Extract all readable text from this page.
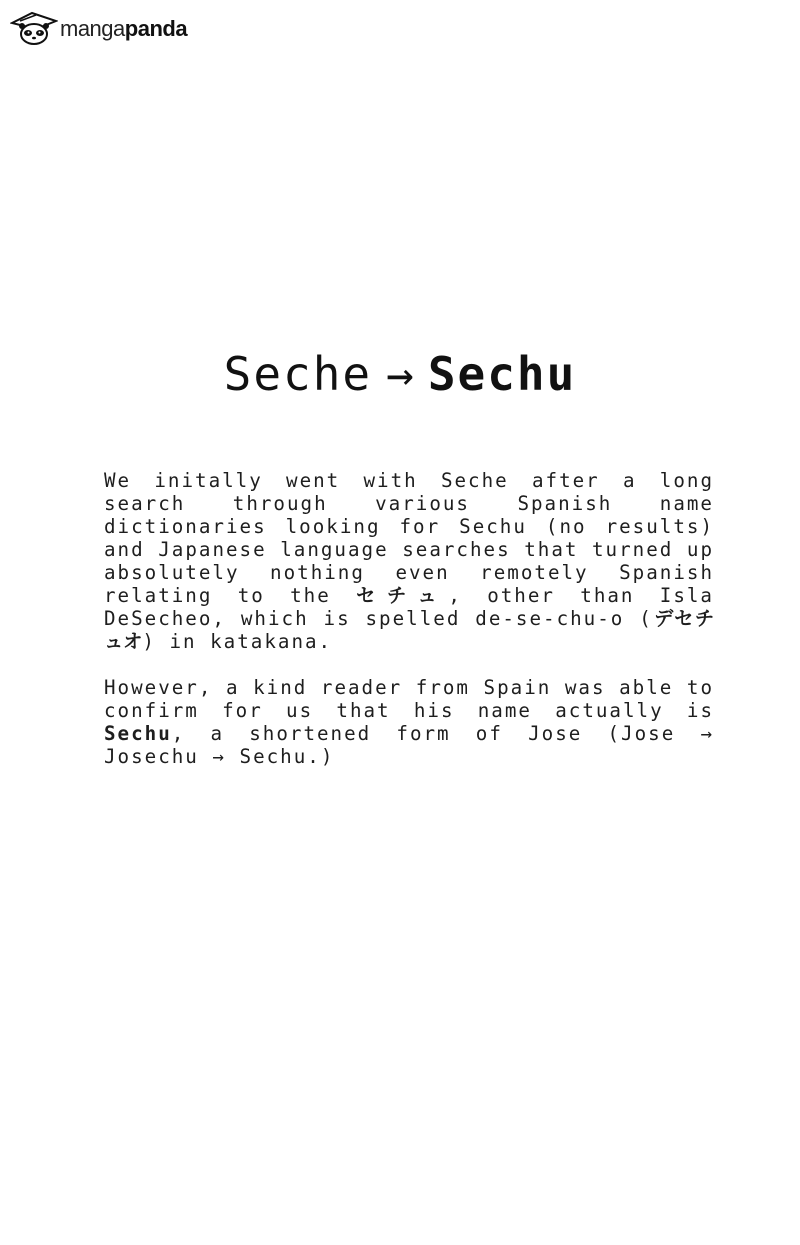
mangapanda
Seche → Sechu

We initally went with Seche after a long search through various Spanish name dictionaries looking for Sechu (no results) and Japanese language searches that turned up absolutely nothing even remotely Spanish relating to the セチュ, other than Isla DeSecheo, which is spelled de-se-chu-o (デセチュオ) in katakana.

However, a kind reader from Spain was able to confirm for us that his name actually is Sechu, a shortened form of Jose (Jose → Josechu → Sechu.)
